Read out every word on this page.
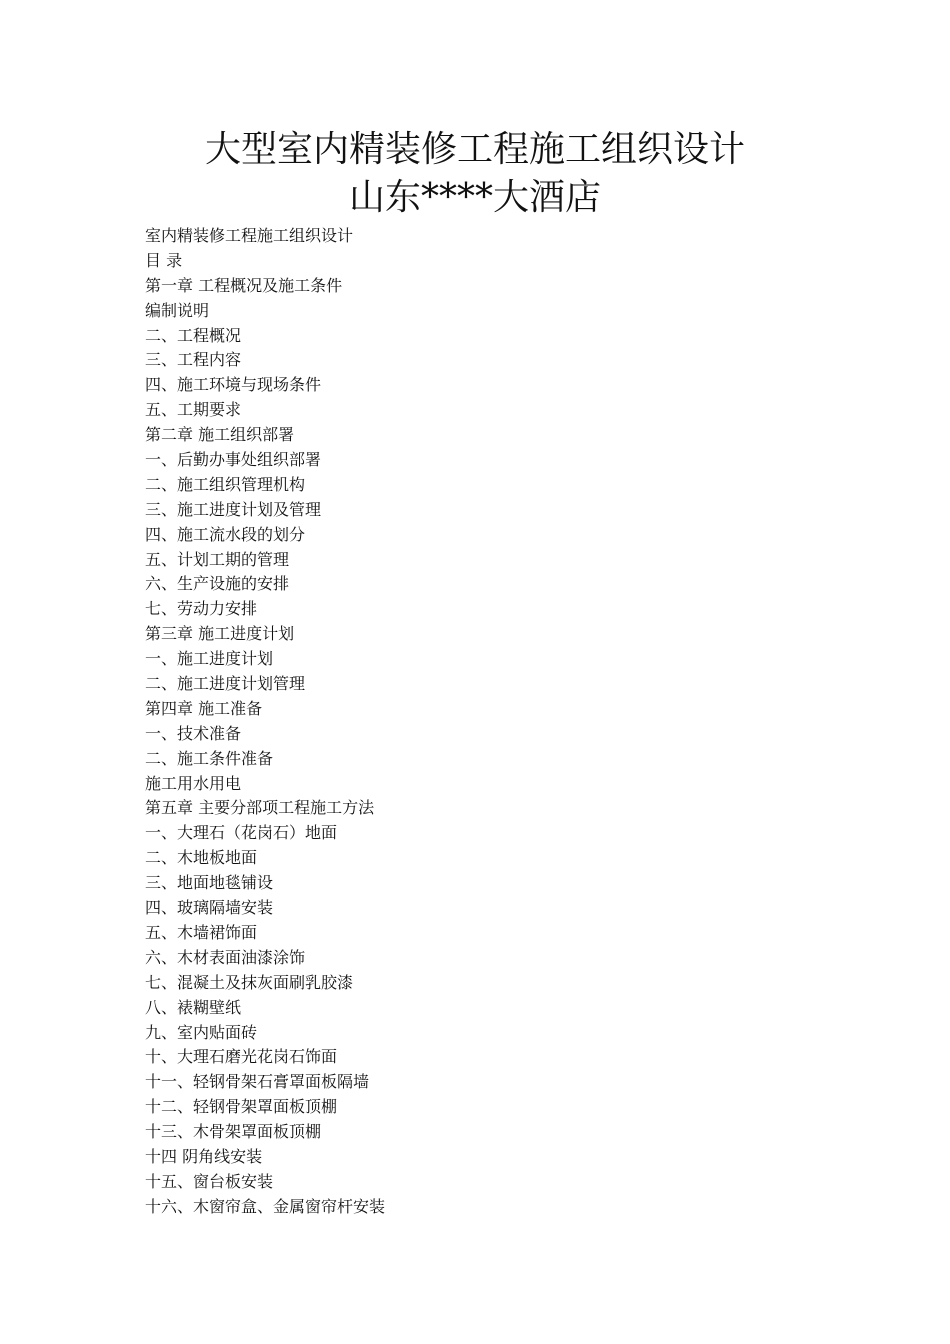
大型室内精装修工程施工组织设计
山东****大酒店
室内精装修工程施工组织设计
目 录
第一章 工程概况及施工条件
编制说明
二、工程概况
三、工程内容
四、施工环境与现场条件
五、工期要求
第二章 施工组织部署
一、后勤办事处组织部署
二、施工组织管理机构
三、施工进度计划及管理
四、施工流水段的划分
五、计划工期的管理
六、生产设施的安排
七、劳动力安排
第三章 施工进度计划
一、施工进度计划
二、施工进度计划管理
第四章 施工准备
一、技术准备
二、施工条件准备
施工用水用电
第五章 主要分部项工程施工方法
一、大理石（花岗石）地面
二、木地板地面
三、地面地毯铺设
四、玻璃隔墙安装
五、木墙裙饰面
六、木材表面油漆涂饰
七、混凝土及抹灰面刷乳胶漆
八、裱糊壁纸
九、室内贴面砖
十、大理石磨光花岗石饰面
十一、轻钢骨架石膏罩面板隔墙
十二、轻钢骨架罩面板顶棚
十三、木骨架罩面板顶棚
十四 阴角线安装
十五、窗台板安装
十六、木窗帘盒、金属窗帘杆安装
